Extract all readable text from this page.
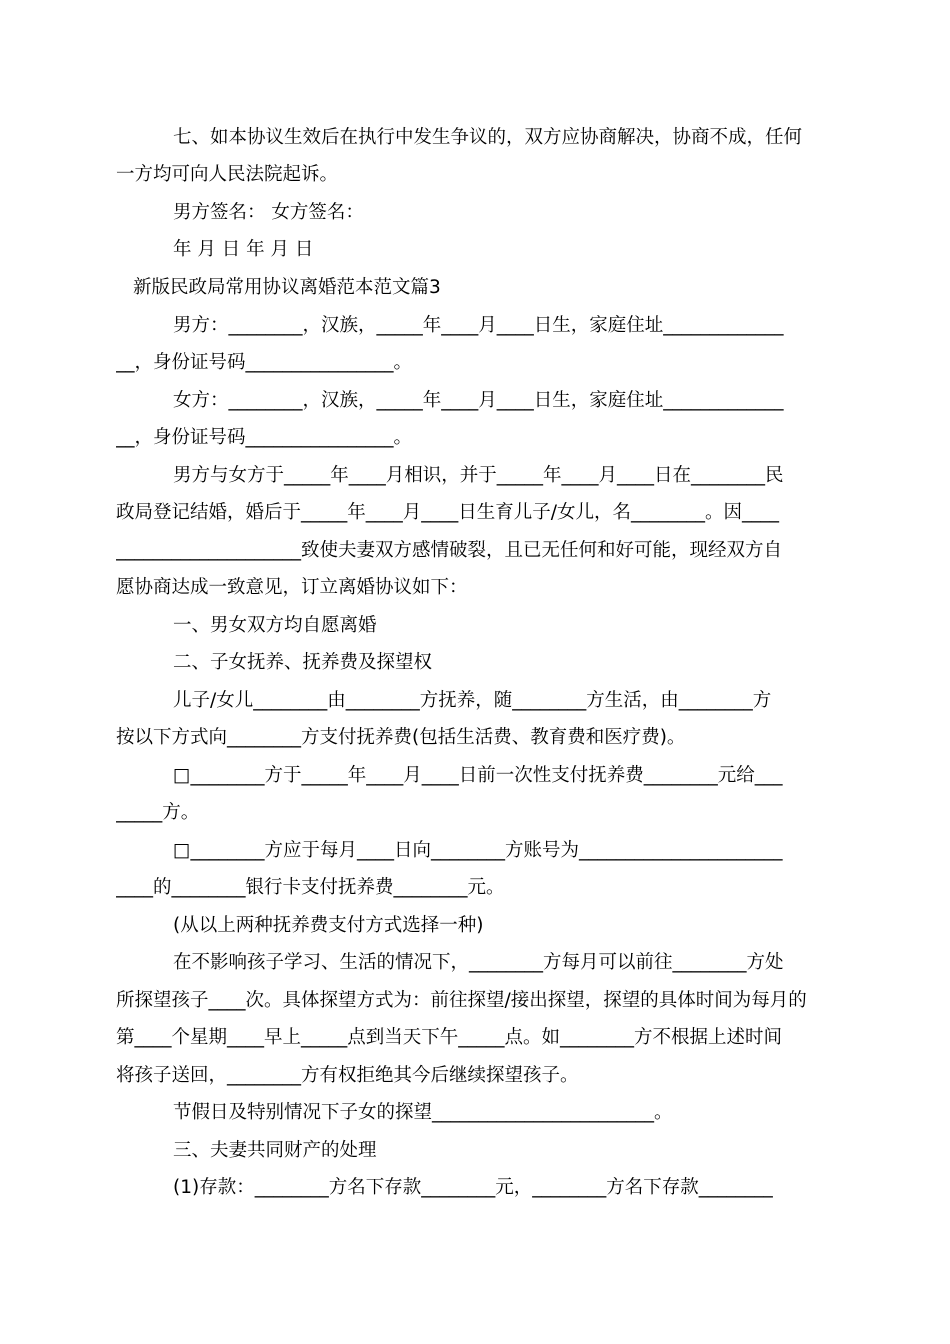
七、如本协议生效后在执行中发生争议的，双方应协商解决，协商不成，任何
一方均可向人民法院起诉。
男方签名： 女方签名：
年 月 日 年 月 日
新版民政局常用协议离婚范本范文篇3
男方：________，汉族，_____年____月____日生，家庭住址_____________
__，身份证号码________________。
女方：________，汉族，_____年____月____日生，家庭住址_____________
__，身份证号码________________。
男方与女方于_____年____月相识，并于_____年____月____日在________民
政局登记结婚，婚后于_____年____月____日生育儿子/女儿，名________。因____
____________________致使夫妻双方感情破裂，且已无任何和好可能，现经双方自
愿协商达成一致意见，订立离婚协议如下：
一、男女双方均自愿离婚
二、子女抚养、抚养费及探望权
儿子/女儿________由________方抚养，随________方生活，由________方
按以下方式向________方支付抚养费(包括生活费、教育费和医疗费)。
□________方于_____年____月____日前一次性支付抚养费________元给___
_____方。
□________方应于每月____日向________方账号为______________________
____的________银行卡支付抚养费________元。
(从以上两种抚养费支付方式选择一种)
在不影响孩子学习、生活的情况下，________方每月可以前往________方处
所探望孩子____次。具体探望方式为：前往探望/接出探望，探望的具体时间为每月的
第____个星期____早上_____点到当天下午_____点。如________方不根据上述时间
将孩子送回，________方有权拒绝其今后继续探望孩子。
节假日及特别情况下子女的探望________________________。
三、夫妻共同财产的处理
(1)存款：________方名下存款________元，________方名下存款________
